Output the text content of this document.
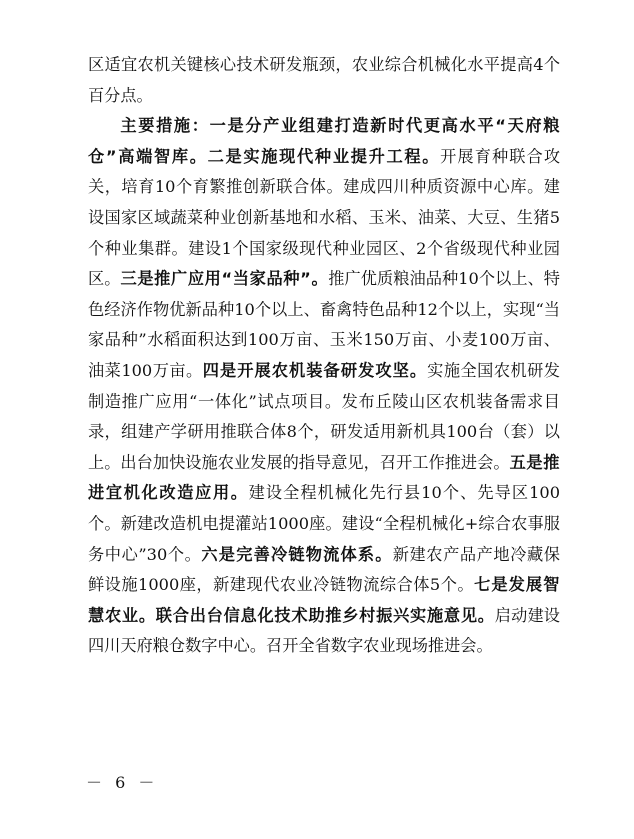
区适宜农机关键核心技术研发瓶颈，农业综合机械化水平提高4个百分点。

主要措施：一是分产业组建打造新时代更高水平“天府粮仓”高端智库。二是实施现代种业提升工程。开展育种联合攻关，培育10个育繁推创新联合体。建成四川种质资源中心库。建设国家区域蔬菜种业创新基地和水稻、玉米、油菜、大豆、生猪5个种业集群。建设1个国家级现代种业园区、2个省级现代种业园区。三是推广应用“当家品种”。推广优质粮油品种10个以上、特色经济作物优新品种10个以上、畜禽特色品种12个以上，实现“当家品种”水稻面积达到100万亩、玉米150万亩、小麦100万亩、油菜100万亩。四是开展农机装备研发攻坚。实施全国农机研发制造推广应用“一体化”试点项目。发布丘陵山区农机装备需求目录，组建产学研用推联合体8个，研发适用新机具100台（套）以上。出台加快设施农业发展的指导意见，召开工作推进会。五是推进宜机化改造应用。建设全程机械化先行县10个、先导区100个。新建改造机电提灌站1000座。建设“全程机械化+综合农事服务中心”30个。六是完善冷链物流体系。新建农产品产地冷藏保鲜设施1000座，新建现代农业冷链物流综合体5个。七是发展智慧农业。联合出台信息化技术助推乡村振兴实施意见。启动建设四川天府粮仓数字中心。召开全省数字农业现场推进会。

－ 6 －
